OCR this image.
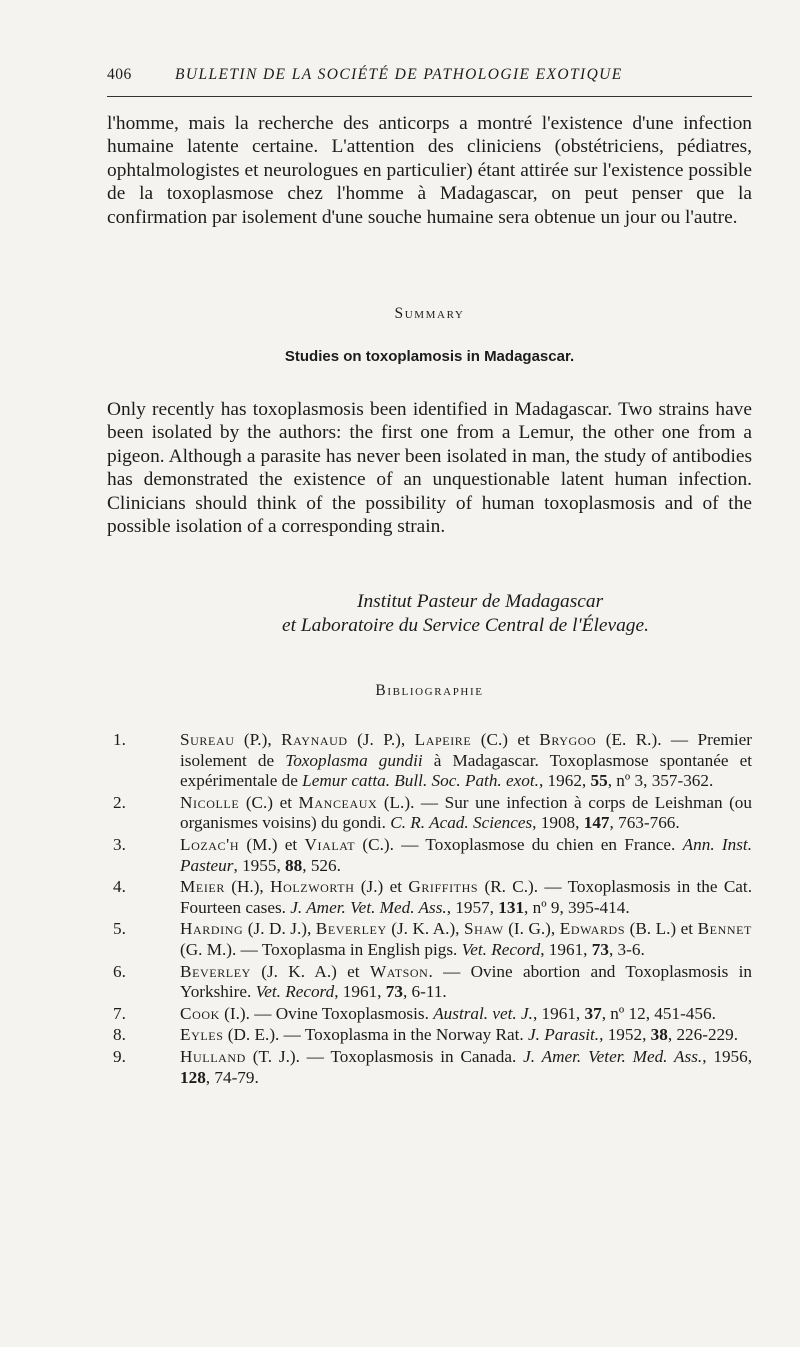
406	BULLETIN DE LA SOCIÉTÉ DE PATHOLOGIE EXOTIQUE

l'homme, mais la recherche des anticorps a montré l'existence d'une infection humaine latente certaine. L'attention des cliniciens (obstétriciens, pédiatres, ophtalmologistes et neurologues en particulier) étant attirée sur l'existence possible de la toxoplasmose chez l'homme à Madagascar, on peut penser que la confirmation par isolement d'une souche humaine sera obtenue un jour ou l'autre.

Summary
Studies on toxoplamosis in Madagascar.

Only recently has toxoplasmosis been identified in Madagascar. Two strains have been isolated by the authors: the first one from a Lemur, the other one from a pigeon. Although a parasite has never been isolated in man, the study of antibodies has demonstrated the existence of an unquestionable latent human infection. Clinicians should think of the possibility of human toxoplasmosis and of the possible isolation of a corresponding strain.

Institut Pasteur de Madagascar
et Laboratoire du Service Central de l'Élevage.
Bibliographie
1.	Sureau (P.), Raynaud (J. P.), Lapeire (C.) et Brygoo (E. R.). — Premier isolement de Toxoplasma gundii à Madagascar. Toxoplasmose spontanée et expérimentale de Lemur catta. Bull. Soc. Path. exot., 1962, 55, nº 3, 357-362.
2.	Nicolle (C.) et Manceaux (L.). — Sur une infection à corps de Leishman (ou organismes voisins) du gondi. C. R. Acad. Sciences, 1908, 147, 763-766.
3.	Lozac'h (M.) et Vialat (C.). — Toxoplasmose du chien en France. Ann. Inst. Pasteur, 1955, 88, 526.
4.	Meier (H.), Holzworth (J.) et Griffiths (R. C.). — Toxoplasmosis in the Cat. Fourteen cases. J. Amer. Vet. Med. Ass., 1957, 131, nº 9, 395-414.
5.	Harding (J. D. J.), Beverley (J. K. A.), Shaw (I. G.), Edwards (B. L.) et Bennet (G. M.). — Toxoplasma in English pigs. Vet. Record, 1961, 73, 3-6.
6.	Beverley (J. K. A.) et Watson. — Ovine abortion and Toxoplasmosis in Yorkshire. Vet. Record, 1961, 73, 6-11.
7.	Cook (I.). — Ovine Toxoplasmosis. Austral. vet. J., 1961, 37, nº 12, 451-456.
8.	Eyles (D. E.). — Toxoplasma in the Norway Rat. J. Parasit., 1952, 38, 226-229.
9.	Hulland (T. J.). — Toxoplasmosis in Canada. J. Amer. Veter. Med. Ass., 1956, 128, 74-79.
